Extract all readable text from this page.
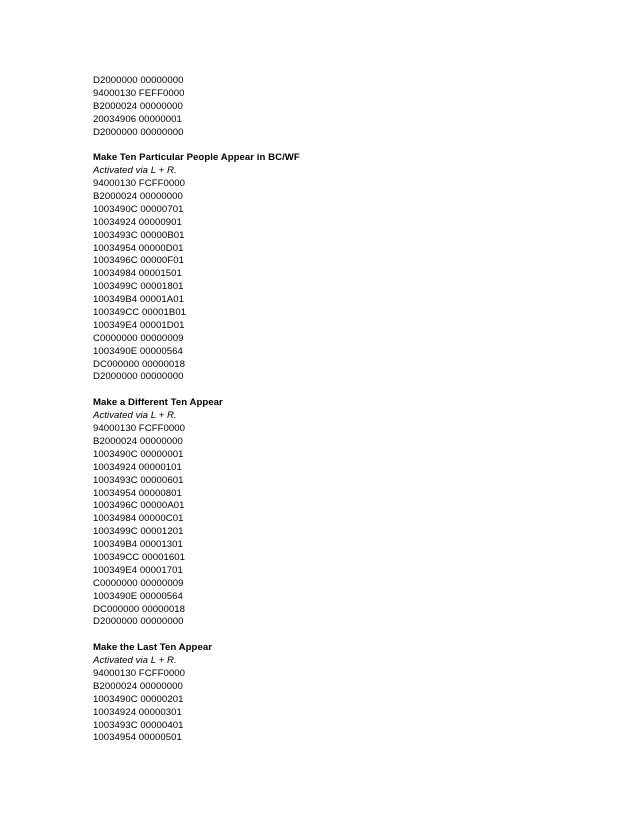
D2000000 00000000
94000130 FEFF0000
B2000024 00000000
20034906 00000001
D2000000 00000000
Make Ten Particular People Appear in BC/WF
Activated via L + R.
94000130 FCFF0000
B2000024 00000000
1003490C 00000701
10034924 00000901
1003493C 00000B01
10034954 00000D01
1003496C 00000F01
10034984 00001501
1003499C 00001801
100349B4 00001A01
100349CC 00001B01
100349E4 00001D01
C0000000 00000009
1003490E 00000564
DC000000 00000018
D2000000 00000000
Make a Different Ten Appear
Activated via L + R.
94000130 FCFF0000
B2000024 00000000
1003490C 00000001
10034924 00000101
1003493C 00000601
10034954 00000801
1003496C 00000A01
10034984 00000C01
1003499C 00001201
100349B4 00001301
100349CC 00001601
100349E4 00001701
C0000000 00000009
1003490E 00000564
DC000000 00000018
D2000000 00000000
Make the Last Ten Appear
Activated via L + R.
94000130 FCFF0000
B2000024 00000000
1003490C 00000201
10034924 00000301
1003493C 00000401
10034954 00000501
